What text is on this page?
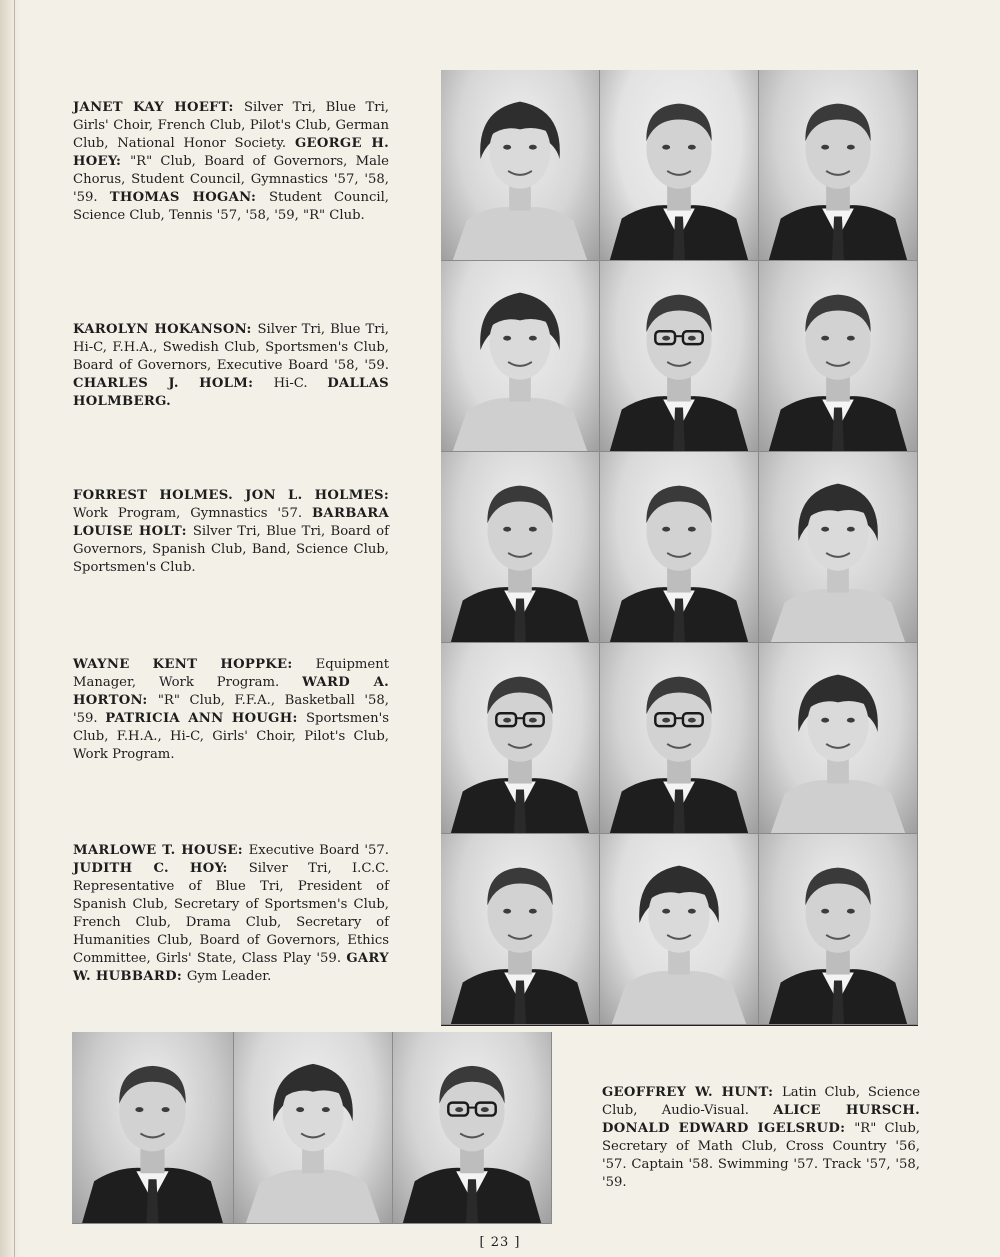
JANET KAY HOEFT: Silver Tri, Blue Tri, Girls' Choir, French Club, Pilot's Club, German Club, National Honor Society. GEORGE H. HOEY: "R" Club, Board of Governors, Male Chorus, Student Council, Gymnastics '57, '58, '59. THOMAS HOGAN: Student Council, Science Club, Tennis '57, '58, '59, "R" Club.
KAROLYN HOKANSON: Silver Tri, Blue Tri, Hi-C, F.H.A., Swedish Club, Sportsmen's Club, Board of Governors, Executive Board '58, '59. CHARLES J. HOLM: Hi-C. DALLAS HOLMBERG.
FORREST HOLMES. JON L. HOLMES: Work Program, Gymnastics '57. BARBARA LOUISE HOLT: Silver Tri, Blue Tri, Board of Governors, Spanish Club, Band, Science Club, Sportsmen's Club.
WAYNE KENT HOPPKE: Equipment Manager, Work Program. WARD A. HORTON: "R" Club, F.F.A., Basketball '58, '59. PATRICIA ANN HOUGH: Sportsmen's Club, F.H.A., Hi-C, Girls' Choir, Pilot's Club, Work Program.
MARLOWE T. HOUSE: Executive Board '57. JUDITH C. HOY: Silver Tri, I.C.C. Representative of Blue Tri, President of Spanish Club, Secretary of Sportsmen's Club, French Club, Drama Club, Secretary of Humanities Club, Board of Governors, Ethics Committee, Girls' State, Class Play '59. GARY W. HUBBARD: Gym Leader.
GEOFFREY W. HUNT: Latin Club, Science Club, Audio-Visual. ALICE HURSCH. DONALD EDWARD IGELSRUD: "R" Club, Secretary of Math Club, Cross Country '56, '57. Captain '58. Swimming '57. Track '57, '58, '59.
[ 23 ]
